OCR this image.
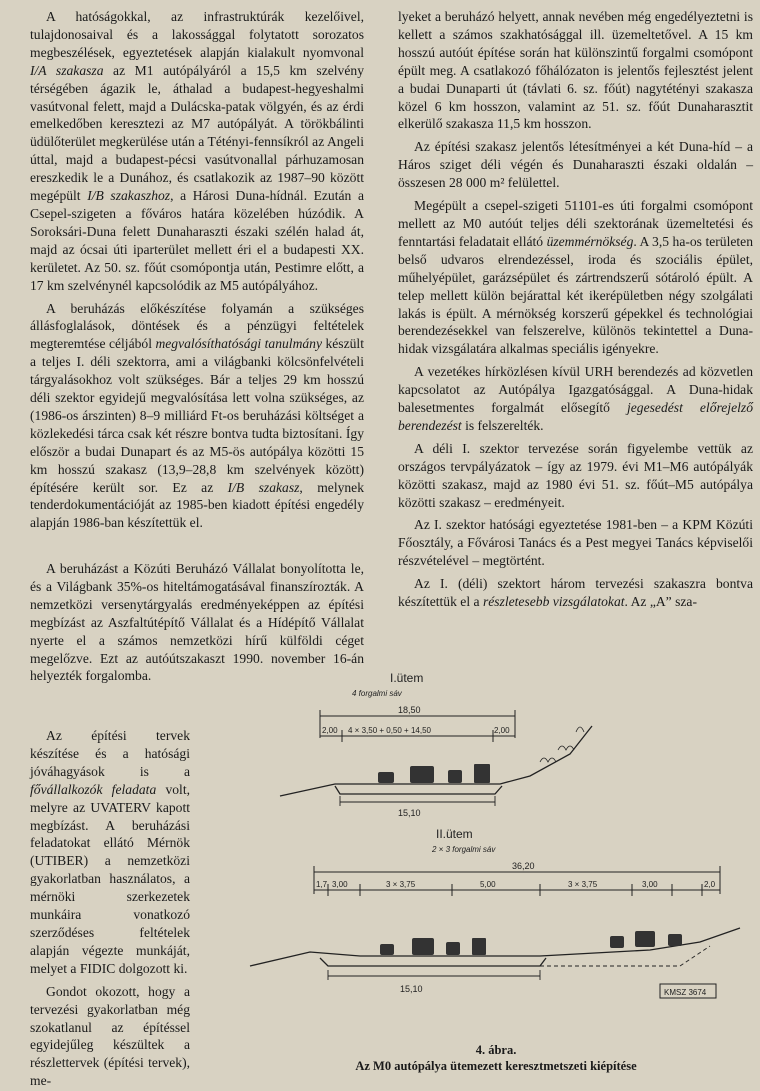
A hatóságokkal, az infrastruktúrák kezelőivel, tulajdonosaival és a lakossággal folytatott sorozatos megbeszélések, egyeztetések alapján kialakult nyomvonal I/A szakasza az M1 autópályáról a 15,5 km szelvény térségében ágazik le, áthalad a budapest-hegyeshalmi vasútvonal felett, majd a Dulácska-patak völgyén, és az érdi emelkedőben keresztezi az M7 autópályát. A törökbálinti üdülőterület megkerülése után a Tétényi-fennsíkról az Angeli úttal, majd a budapest-pécsi vasútvonallal párhuzamosan ereszkedik le a Dunához, és csatlakozik az 1987–90 között megépült I/B szakaszhoz, a Hárosi Duna-hídnál. Ezután a Csepel-szigeten a főváros határa közelében húzódik. A Soroksári-Duna felett Dunaharaszti északi szélén halad át, majd az ócsai úti iparterület mellett éri el a budapesti XX. kerületet. Az 50. sz. főút csomópontja után, Pestimre előtt, a 17 km szelvénynél kapcsolódik az M5 autópályához.

A beruházás előkészítése folyamán a szükséges állásfoglalások, döntések és a pénzügyi feltételek megteremtése céljából megvalósíthatósági tanulmány készült a teljes I. déli szektorra, ami a világbanki kölcsönfelvételi tárgyalásokhoz volt szükséges. Bár a teljes 29 km hosszú déli szektor egyidejű megvalósítása lett volna szükséges, az (1986-os árszinten) 8–9 milliárd Ft-os beruházási költséget a közlekedési tárca csak két részre bontva tudta biztosítani. Így először a budai Dunapart és az M5-ös autópálya közötti 15 km hosszú szakasz (13,9–28,8 km szelvények között) építésére került sor. Ez az I/B szakasz, melynek tenderdokumentációját az 1985-ben kiadott építési engedély alapján 1986-ban készítettük el.

A beruházást a Közúti Beruházó Vállalat bonyolította le, és a Világbank 35%-os hiteltámogatásával finanszírozták. A nemzetközi versenytárgyalás eredményeképpen az építési megbízást az Aszfaltútépítő Vállalat és a Hídépítő Vállalat nyerte el a számos nemzetközi hírű külföldi céget megelőzve. Ezt az autóútszakaszt 1990. november 16-án helyezték forgalomba.

Az építési tervek készítése és a hatósági jóváhagyások is a fővállalkozók feladata volt, melyre az UVATERV kapott megbízást. A beruházási feladatokat ellátó Mérnök (UTIBER) a nemzetközi gyakorlatban használatos, a mérnöki szerkezetek munkáira vonatkozó szerződéses feltételek alapján végezte munkáját, melyet a FIDIC dolgozott ki.

Gondot okozott, hogy a tervezési gyakorlatban még szokatlanul az építéssel egyidejűleg készültek a részlettervek (építési tervek), me-

lyeket a beruházó helyett, annak nevében még engedélyeztetni is kellett a számos szakhatósággal ill. üzemeltetővel. A 15 km hosszú autóút építése során hat különszintű forgalmi csomópont épült meg. A csatlakozó főhálózaton is jelentős fejlesztést jelent a budai Dunaparti út (távlati 6. sz. főút) nagytétényi szakasza közel 6 km hosszon, valamint az 51. sz. főút Dunaharasztit elkerülő szakasza 11,5 km hosszon.

Az építési szakasz jelentős létesítményei a két Duna-híd – a Háros sziget déli végén és Dunaharaszti északi oldalán – összesen 28 000 m² felülettel.

Megépült a csepel-szigeti 51101-es úti forgalmi csomópont mellett az M0 autóút teljes déli szektorának üzemeltetési és fenntartási feladatait ellátó üzemmérnökség. A 3,5 ha-os területen belső udvaros elrendezéssel, iroda és szociális épület, műhelyépület, garázsépület és zártrendszerű sótároló épült. A telep mellett külön bejárattal két ikerépületben négy szolgálati lakás is épült. A mérnökség korszerű gépekkel és technológiai berendezésekkel van felszerelve, különös tekintettel a Duna-hidak vizsgálatára alkalmas speciális igényekre.

A vezetékes hírközlésen kívül URH berendezés ad közvetlen kapcsolatot az Autópálya Igazgatósággal. A Duna-hidak balesetmentes forgalmát elősegítő jegesedést előrejelző berendezést is felszerelték.

A déli I. szektor tervezése során figyelembe vettük az országos tervpályázatok – így az 1979. évi M1–M6 autópályák közötti szakasz, majd az 1980 évi 51. sz. főút–M5 autópálya közötti szakasz – eredményeit.

Az I. szektor hatósági egyeztetése 1981-ben – a KPM Közúti Főosztály, a Fővárosi Tanács és a Pest megyei Tanács képviselői részvételével – megtörtént.

Az I. (déli) szektort három tervezési szakaszra bontva készítettük el a részletesebb vizsgálatokat. Az „A” sza-

I.ütem
4 forgalmi sáv
18,50
2,00 4 × 3,50 + 0,50 + 14,50	2,00
15,10
II.ütem
2 × 3 forgalmi sáv
36,20
1,7 3,00	3 × 3,75	5,00	3 × 3,75	3,00	2,0
15,10	KMSZ 3674
4. ábra.
Az M0 autópálya ütemezett keresztmetszeti kiépítése
